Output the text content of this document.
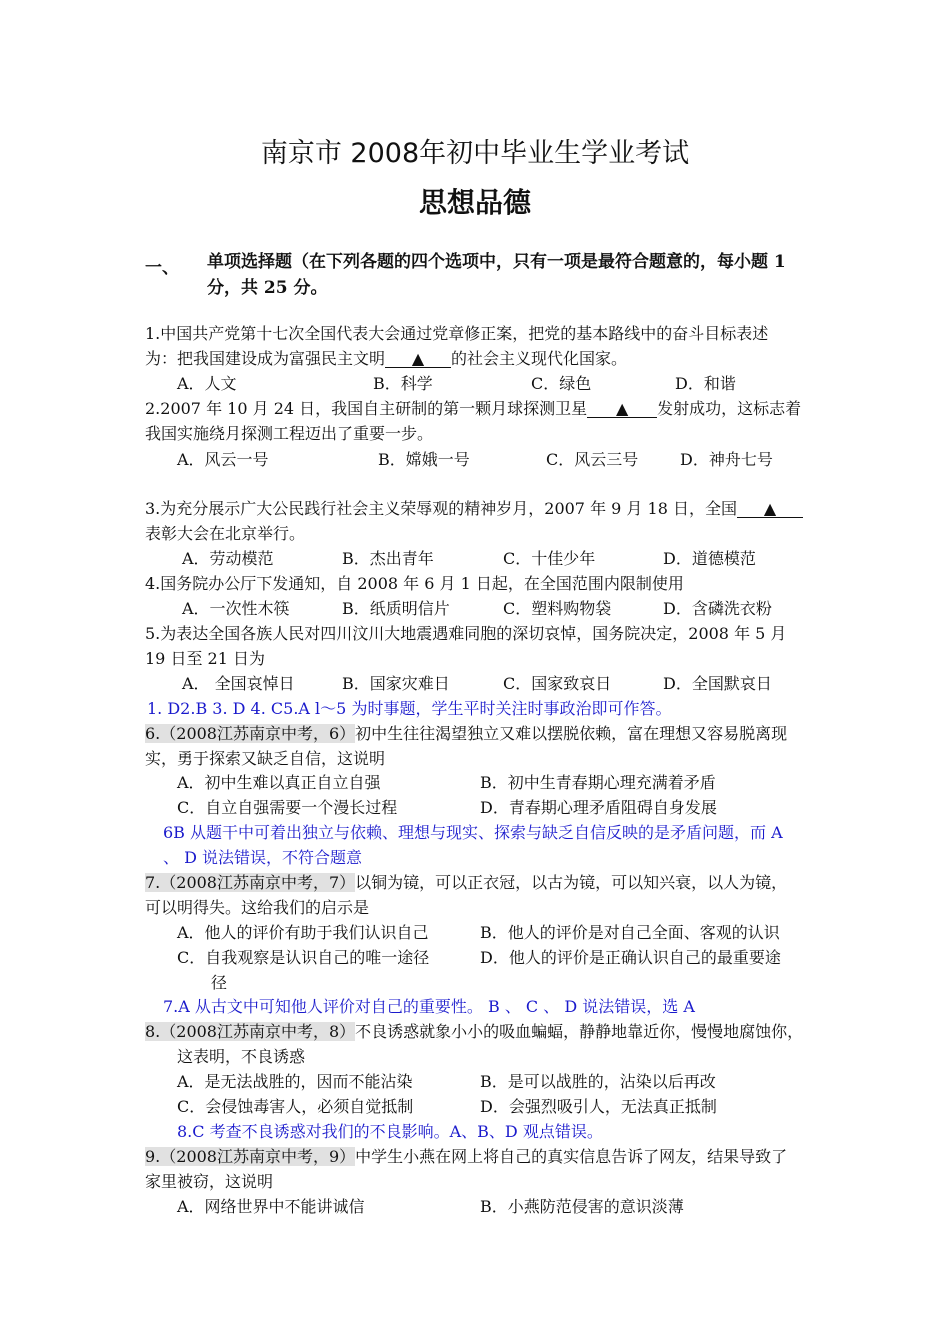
南京市 2008年初中毕业生学业考试
思想品德
一、 单项选择题（在下列各题的四个选项中，只有一项是最符合题意的，每小题 1 分，共 25 分。
1.中国共产党第十七次全国代表大会通过党章修正案，把党的基本路线中的奋斗目标表述
为：把我国建设成为富强民主文明 ▲ 的社会主义现代化国家。
A．人文	B．科学	C．绿色	D．和谐
2.2007 年 10 月 24 日，我国自主研制的第一颗月球探测卫星 ▲ 发射成功，这标志着
我国实施绕月探测工程迈出了重要一步。
A．风云一号	B．嫦娥一号	C．风云三号	D．神舟七号
3.为充分展示广大公民践行社会主义荣辱观的精神岁月，2007 年 9 月 18 日，全国 ▲
表彰大会在北京举行。
A．劳动模范	B．杰出青年	C．十佳少年	D．道德模范
4.国务院办公厅下发通知，自 2008 年 6 月 1 日起，在全国范围内限制使用
A．一次性木筷	B．纸质明信片	C．塑料购物袋	D．含磷洗衣粉
5.为表达全国各族人民对四川汶川大地震遇难同胞的深切哀悼，国务院决定，2008 年 5 月
19 日至 21 日为
A． 全国哀悼日	B．国家灾难日	C．国家致哀日	D．全国默哀日
1. D2.B 3. D 4. C5.A l～5 为时事题，学生平时关注时事政治即可作答。
6.（2008江苏南京中考，6）初中生往往渴望独立又难以摆脱依赖，富在理想又容易脱离现
实，勇于探索又缺乏自信，这说明
A．初中生难以真正自立自强	B．初中生青春期心理充满着矛盾
C．自立自强需要一个漫长过程	D．青春期心理矛盾阻碍自身发展
6B 从题干中可着出独立与依赖、理想与现实、探索与缺乏自信反映的是矛盾问题，而 A
、 D 说法错误，不符合题意
7.（2008江苏南京中考，7）以铜为镜，可以正衣冠，以古为镜，可以知兴衰，以人为镜，
可以明得失。这给我们的启示是
A．他人的评价有助于我们认识自己	B．他人的评价是对自己全面、客观的认识
C．自我观察是认识自己的唯一途径	D．他人的评价是正确认识自己的最重要途
径
7.A 从古文中可知他人评价对自己的重要性。 B 、 C 、 D 说法错误，选 A
8.（2008江苏南京中考，8）不良诱惑就象小小的吸血蝙蝠，静静地靠近你，慢慢地腐蚀你，
这表明，不良诱惑
A．是无法战胜的，因而不能沾染	B．是可以战胜的，沾染以后再改
C．会侵蚀毒害人，必须自觉抵制	D．会强烈吸引人，无法真正抵制
8.C 考查不良诱惑对我们的不良影响。A、B、D 观点错误。
9.（2008江苏南京中考，9）中学生小燕在网上将自己的真实信息告诉了网友，结果导致了
家里被窃，这说明
A．网络世界中不能讲诚信	B．小燕防范侵害的意识淡薄
